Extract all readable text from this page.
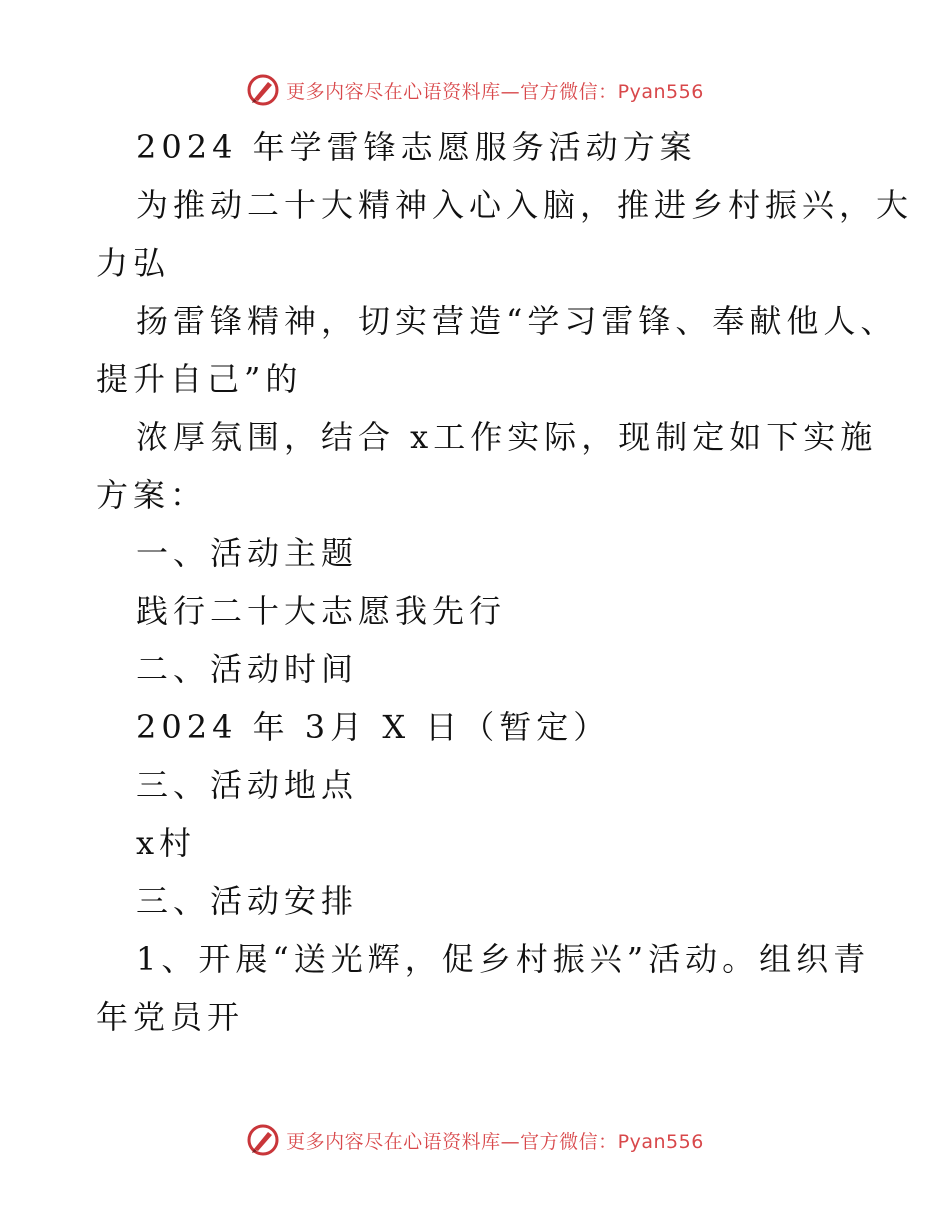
更多内容尽在心语资料库—官方微信：Pyan556
2024 年学雷锋志愿服务活动方案
为推动二十大精神入心入脑，推进乡村振兴，大
力弘
扬雷锋精神，切实营造“学习雷锋、奉献他人、
提升自己”的
浓厚氛围，结合 x工作实际，现制定如下实施
方案：
一、活动主题
践行二十大志愿我先行
二、活动时间
2024 年 3月 X 日（暂定）
三、活动地点
x村
三、活动安排
1、开展“送光辉，促乡村振兴”活动。组织青
年党员开
更多内容尽在心语资料库—官方微信：Pyan556
